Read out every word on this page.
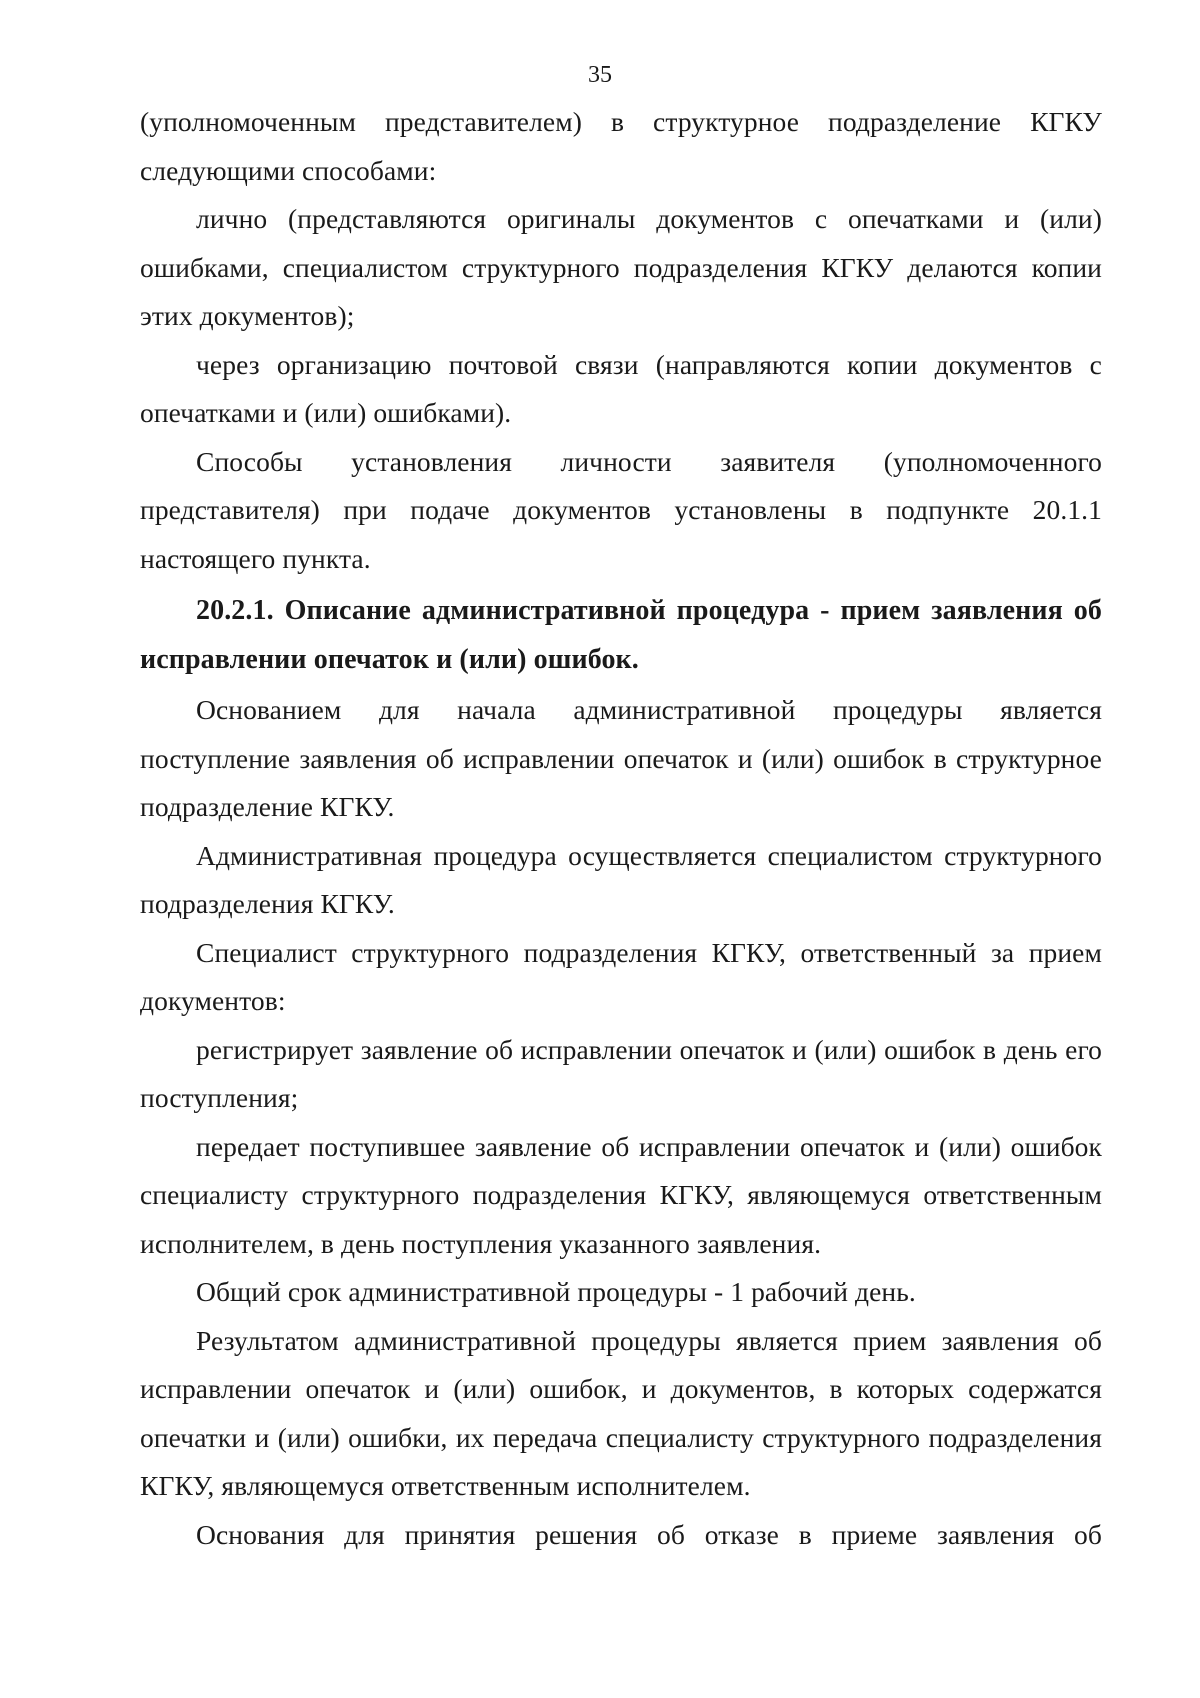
35

(уполномоченным представителем) в структурное подразделение КГКУ следующими способами:

лично (представляются оригиналы документов с опечатками и (или) ошибками, специалистом структурного подразделения КГКУ делаются копии этих документов);

через организацию почтовой связи (направляются копии документов с опечатками и (или) ошибками).

Способы установления личности заявителя (уполномоченного представителя) при подаче документов установлены в подпункте 20.1.1 настоящего пункта.

20.2.1. Описание административной процедура - прием заявления об исправлении опечаток и (или) ошибок.

Основанием для начала административной процедуры является поступление заявления об исправлении опечаток и (или) ошибок в структурное подразделение КГКУ.

Административная процедура осуществляется специалистом структурного подразделения КГКУ.

Специалист структурного подразделения КГКУ, ответственный за прием документов:

регистрирует заявление об исправлении опечаток и (или) ошибок в день его поступления;

передает поступившее заявление об исправлении опечаток и (или) ошибок специалисту структурного подразделения КГКУ, являющемуся ответственным исполнителем, в день поступления указанного заявления.

Общий срок административной процедуры - 1 рабочий день.

Результатом административной процедуры является прием заявления об исправлении опечаток и (или) ошибок, и документов, в которых содержатся опечатки и (или) ошибки, их передача специалисту структурного подразделения КГКУ, являющемуся ответственным исполнителем.

Основания для принятия решения об отказе в приеме заявления об
